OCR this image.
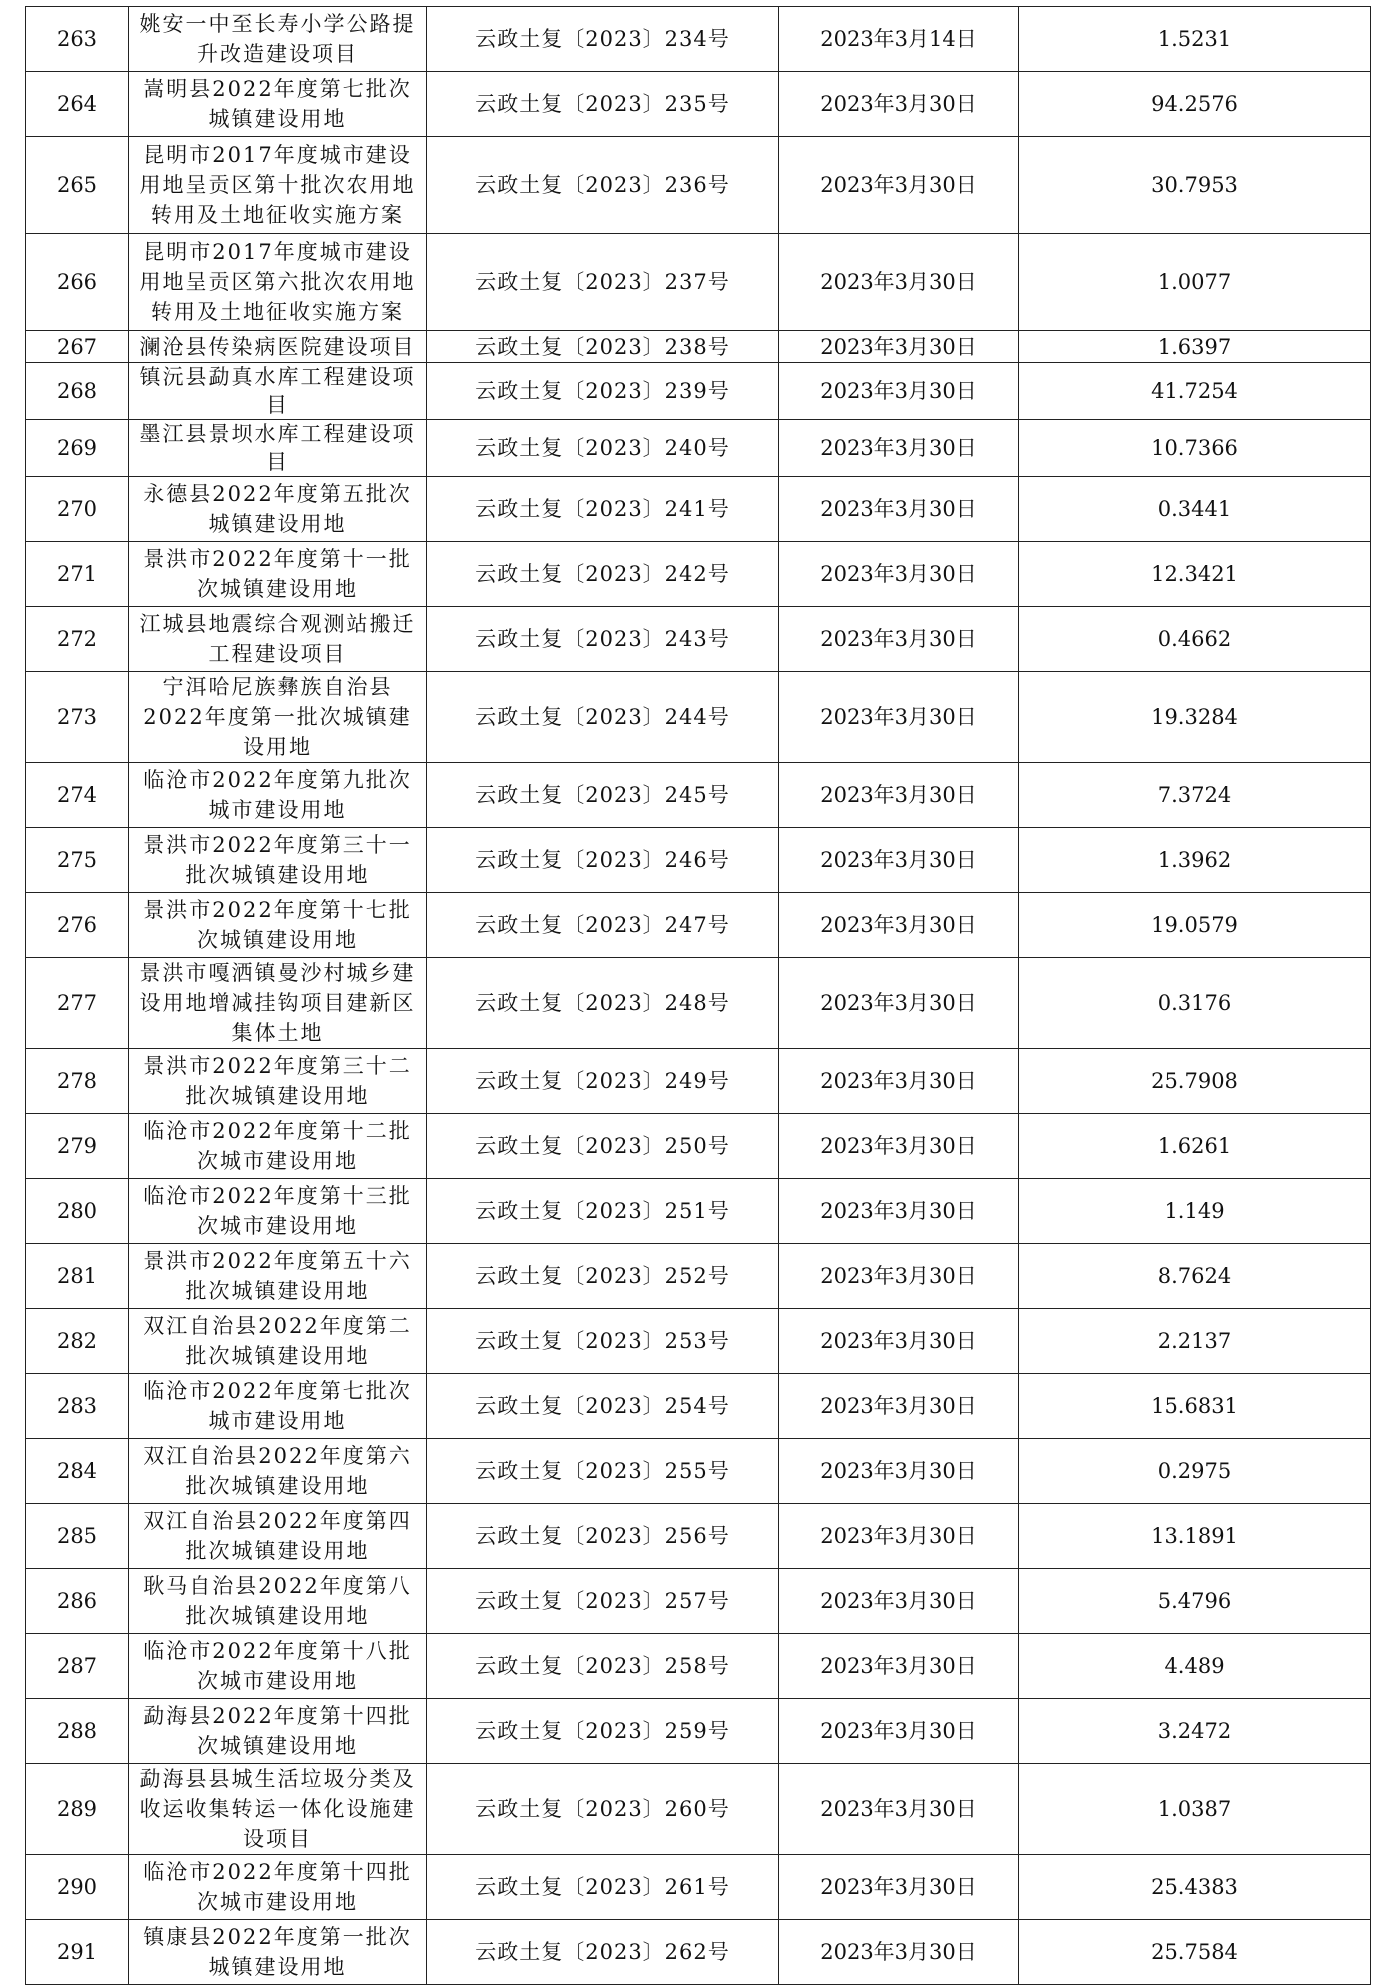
263	姚安一中至长寿小学公路提升改造建设项目	云政土复〔2023〕234号	2023年3月14日	1.5231
264	嵩明县2022年度第七批次城镇建设用地	云政土复〔2023〕235号	2023年3月30日	94.2576
265	昆明市2017年度城市建设用地呈贡区第十批次农用地转用及土地征收实施方案	云政土复〔2023〕236号	2023年3月30日	30.7953
266	昆明市2017年度城市建设用地呈贡区第六批次农用地转用及土地征收实施方案	云政土复〔2023〕237号	2023年3月30日	1.0077
267	澜沧县传染病医院建设项目	云政土复〔2023〕238号	2023年3月30日	1.6397
268	镇沅县勐真水库工程建设项目	云政土复〔2023〕239号	2023年3月30日	41.7254
269	墨江县景坝水库工程建设项目	云政土复〔2023〕240号	2023年3月30日	10.7366
270	永德县2022年度第五批次城镇建设用地	云政土复〔2023〕241号	2023年3月30日	0.3441
271	景洪市2022年度第十一批次城镇建设用地	云政土复〔2023〕242号	2023年3月30日	12.3421
272	江城县地震综合观测站搬迁工程建设项目	云政土复〔2023〕243号	2023年3月30日	0.4662
273	宁洱哈尼族彝族自治县2022年度第一批次城镇建设用地	云政土复〔2023〕244号	2023年3月30日	19.3284
274	临沧市2022年度第九批次城市建设用地	云政土复〔2023〕245号	2023年3月30日	7.3724
275	景洪市2022年度第三十一批次城镇建设用地	云政土复〔2023〕246号	2023年3月30日	1.3962
276	景洪市2022年度第十七批次城镇建设用地	云政土复〔2023〕247号	2023年3月30日	19.0579
277	景洪市嘎洒镇曼沙村城乡建设用地增减挂钩项目建新区集体土地	云政土复〔2023〕248号	2023年3月30日	0.3176
278	景洪市2022年度第三十二批次城镇建设用地	云政土复〔2023〕249号	2023年3月30日	25.7908
279	临沧市2022年度第十二批次城市建设用地	云政土复〔2023〕250号	2023年3月30日	1.6261
280	临沧市2022年度第十三批次城市建设用地	云政土复〔2023〕251号	2023年3月30日	1.149
281	景洪市2022年度第五十六批次城镇建设用地	云政土复〔2023〕252号	2023年3月30日	8.7624
282	双江自治县2022年度第二批次城镇建设用地	云政土复〔2023〕253号	2023年3月30日	2.2137
283	临沧市2022年度第七批次城市建设用地	云政土复〔2023〕254号	2023年3月30日	15.6831
284	双江自治县2022年度第六批次城镇建设用地	云政土复〔2023〕255号	2023年3月30日	0.2975
285	双江自治县2022年度第四批次城镇建设用地	云政土复〔2023〕256号	2023年3月30日	13.1891
286	耿马自治县2022年度第八批次城镇建设用地	云政土复〔2023〕257号	2023年3月30日	5.4796
287	临沧市2022年度第十八批次城市建设用地	云政土复〔2023〕258号	2023年3月30日	4.489
288	勐海县2022年度第十四批次城镇建设用地	云政土复〔2023〕259号	2023年3月30日	3.2472
289	勐海县县城生活垃圾分类及收运收集转运一体化设施建设项目	云政土复〔2023〕260号	2023年3月30日	1.0387
290	临沧市2022年度第十四批次城市建设用地	云政土复〔2023〕261号	2023年3月30日	25.4383
291	镇康县2022年度第一批次城镇建设用地	云政土复〔2023〕262号	2023年3月30日	25.7584
